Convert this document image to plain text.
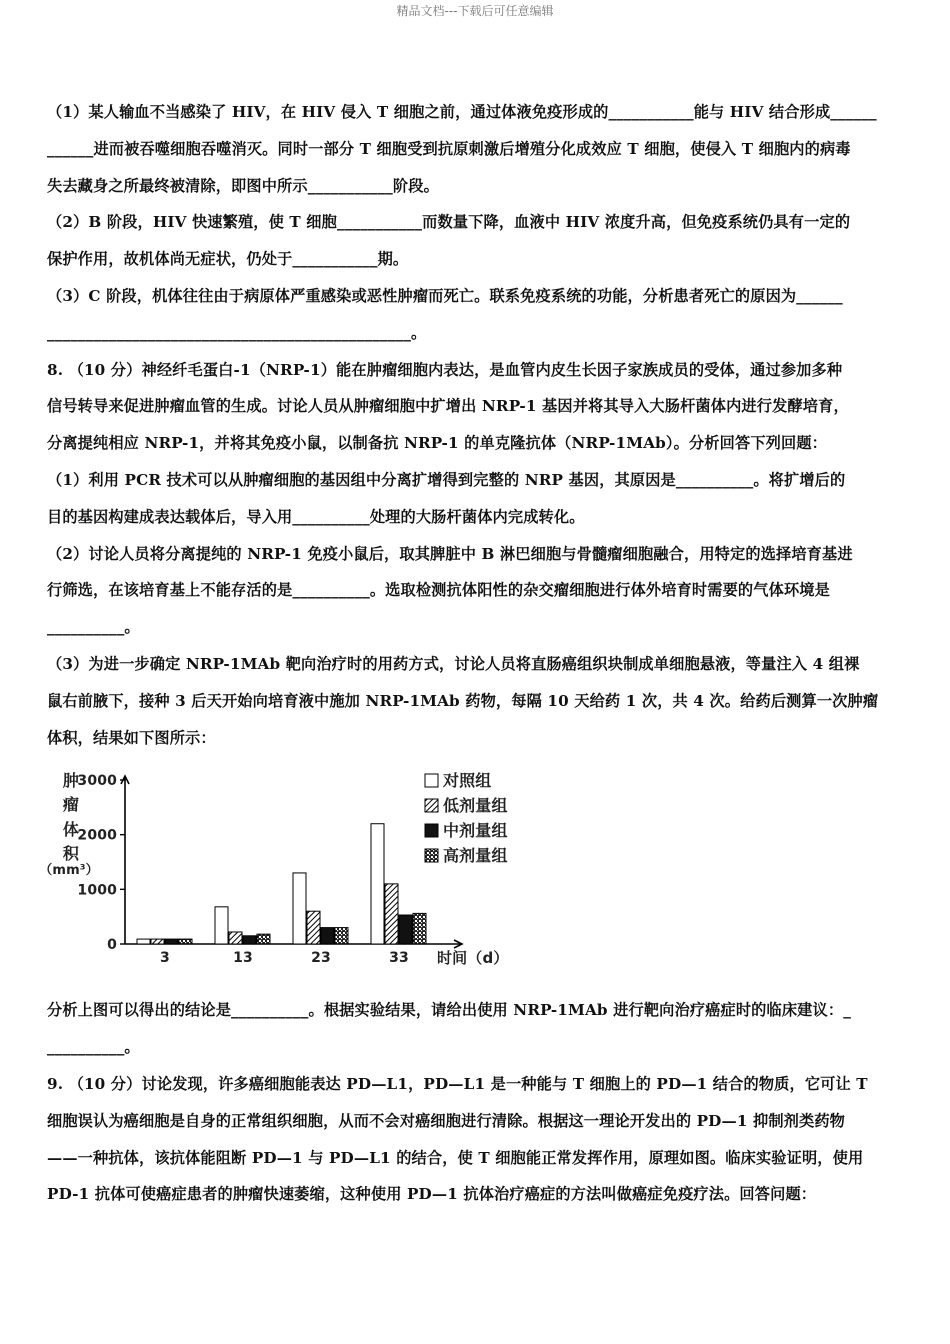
精品文档---下载后可任意编辑

（1）某人输血不当感染了 HIV，在 HIV 侵入 T 细胞之前，通过体液免疫形成的___________能与 HIV 结合形成______

______进而被吞噬细胞吞噬消灭。同时一部分 T 细胞受到抗原刺激后增殖分化成效应 T 细胞，使侵入 T 细胞内的病毒

失去藏身之所最终被清除，即图中所示___________阶段。

（2）B 阶段，HIV 快速繁殖，使 T 细胞___________而数量下降，血液中 HIV 浓度升高，但免疫系统仍具有一定的

保护作用，故机体尚无症状，仍处于___________期。

（3）C 阶段，机体往往由于病原体严重感染或恶性肿瘤而死亡。联系免疫系统的功能，分析患者死亡的原因为______

_______________________________________________。

8. （10 分）神经纤毛蛋白-1（NRP-1）能在肿瘤细胞内表达，是血管内皮生长因子家族成员的受体，通过参加多种

信号转导来促进肿瘤血管的生成。讨论人员从肿瘤细胞中扩增出 NRP-1 基因并将其导入大肠杆菌体内进行发酵培育，

分离提纯相应 NRP-1，并将其免疫小鼠，以制备抗 NRP-1 的单克隆抗体（NRP-1MAb）。分析回答下列回题：

（1）利用 PCR 技术可以从肿瘤细胞的基因组中分离扩增得到完整的 NRP 基因，其原因是__________。将扩增后的

目的基因构建成表达载体后，导入用__________处理的大肠杆菌体内完成转化。

（2）讨论人员将分离提纯的 NRP-1 免疫小鼠后，取其脾脏中 B 淋巴细胞与骨髓瘤细胞融合，用特定的选择培育基进

行筛选，在该培育基上不能存活的是__________。选取检测抗体阳性的杂交瘤细胞进行体外培育时需要的气体环境是

__________。

（3）为进一步确定 NRP-1MAb 靶向治疗时的用药方式，讨论人员将直肠癌组织块制成单细胞悬液，等量注入 4 组裸

鼠右前腋下，接种 3 后天开始向培育液中施加 NRP-1MAb 药物，每隔 10 天给药 1 次，共 4 次。给药后测算一次肿瘤

体积，结果如下图所示：

肿
瘤
体
积
（mm³）
0
1000
2000
3000
3	13	23	33 时间（d）
对照组
低剂量组
中剂量组
高剂量组

分析上图可以得出的结论是__________。根据实验结果，请给出使用 NRP-1MAb 进行靶向治疗癌症时的临床建议：_

__________。

9. （10 分）讨论发现，许多癌细胞能表达 PD—L1，PD—L1 是一种能与 T 细胞上的 PD—1 结合的物质，它可让 T

细胞误认为癌细胞是自身的正常组织细胞，从而不会对癌细胞进行清除。根据这一理论开发出的 PD—1 抑制剂类药物

——一种抗体，该抗体能阻断 PD—1 与 PD—L1 的结合，使 T 细胞能正常发挥作用，原理如图。临床实验证明，使用

PD-1 抗体可使癌症患者的肿瘤快速萎缩，这种使用 PD—1 抗体治疗癌症的方法叫做癌症免疫疗法。回答问题：
